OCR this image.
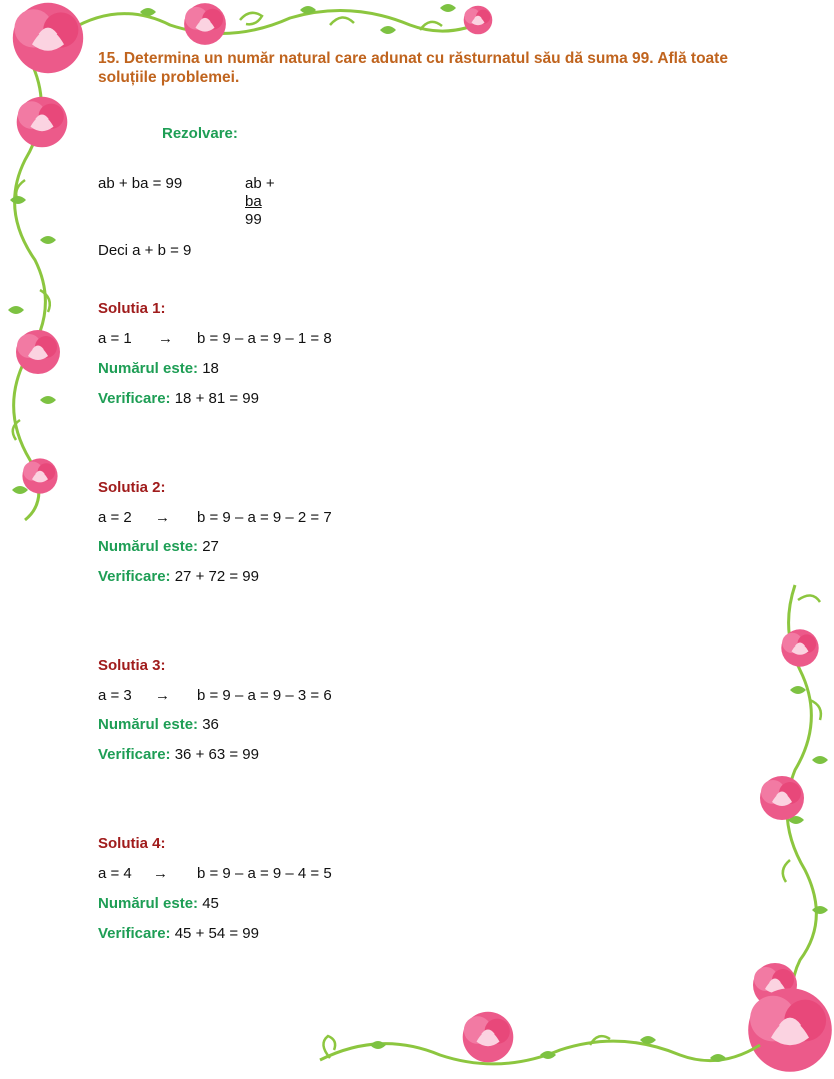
15. Determina un număr natural care adunat cu răsturnatul său dă suma 99. Află toate soluțiile problemei.
Rezolvare:
ab + ba = 99	ab +
ba
99
Deci a + b = 9
Solutia 1:
a = 1 → b = 9 – a = 9 – 1 = 8
Numărul este: 18
Verificare: 18 + 81 = 99
Solutia 2:
a = 2 → b = 9 – a = 9 – 2 = 7
Numărul este: 27
Verificare: 27 + 72 = 99
Solutia 3:
a = 3 → b = 9 – a = 9 – 3 = 6
Numărul este: 36
Verificare: 36 + 63 = 99
Solutia 4:
a = 4 → b = 9 – a = 9 – 4 = 5
Numărul este: 45
Verificare: 45 + 54 = 99
